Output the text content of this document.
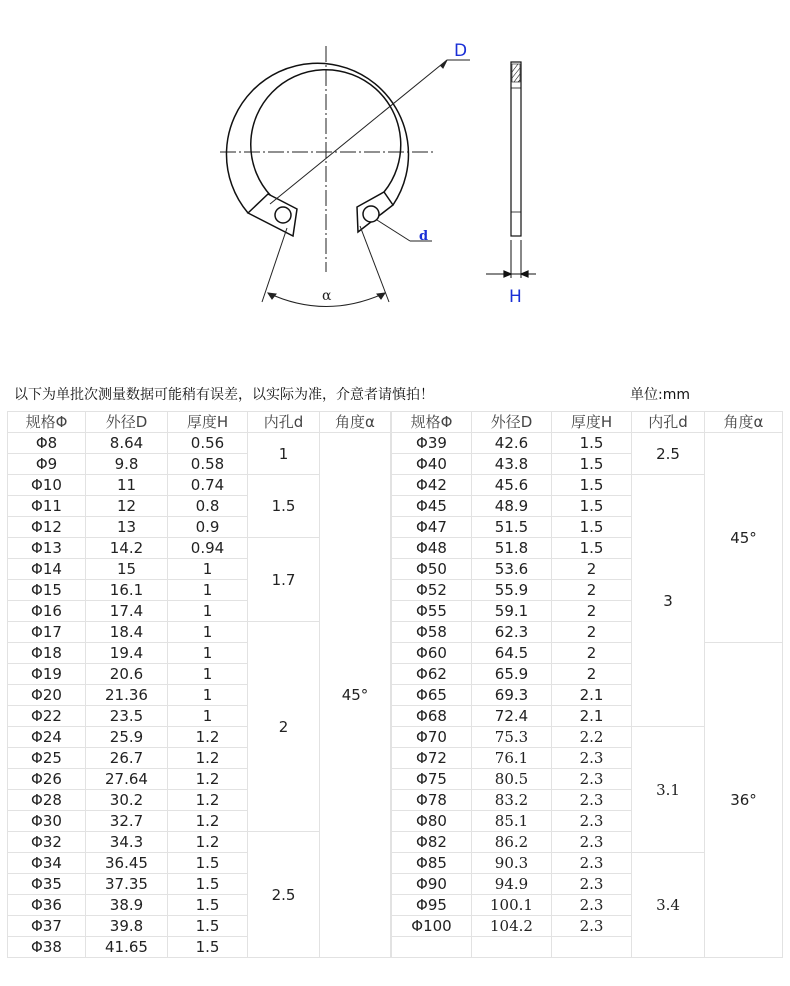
D
d
α	H
以下为单批次测量数据可能稍有误差，以实际为准，介意者请慎拍！	单位:mm
规格Φ	外径D	厚度H	内孔d	角度α
Φ8	8.64	0.56	1	45°
Φ9	9.8	0.58		
Φ10	11	0.74	1.5	
Φ11	12	0.8		
Φ12	13	0.9		
Φ13	14.2	0.94	1.7	
Φ14	15	1		
Φ15	16.1	1		
Φ16	17.4	1		
Φ17	18.4	1	2	
Φ18	19.4	1		
Φ19	20.6	1		
Φ20	21.36	1		
Φ22	23.5	1		
Φ24	25.9	1.2		
Φ25	26.7	1.2		
Φ26	27.64	1.2		
Φ28	30.2	1.2		
Φ30	32.7	1.2		
Φ32	34.3	1.2	2.5	
Φ34	36.45	1.5		
Φ35	37.35	1.5		
Φ36	38.9	1.5		
Φ37	39.8	1.5		
Φ38	41.65	1.5		
规格Φ	外径D	厚度H	内孔d	角度α
Φ39	42.6	1.5	2.5	45°
Φ40	43.8	1.5		
Φ42	45.6	1.5	3	
Φ45	48.9	1.5		
Φ47	51.5	1.5		
Φ48	51.8	1.5		
Φ50	53.6	2		
Φ52	55.9	2		
Φ55	59.1	2		
Φ58	62.3	2		
Φ60	64.5	2		36°
Φ62	65.9	2		
Φ65	69.3	2.1		
Φ68	72.4	2.1		
Φ70	75.3	2.2	3.1	
Φ72	76.1	2.3		
Φ75	80.5	2.3		
Φ78	83.2	2.3		
Φ80	85.1	2.3		
Φ82	86.2	2.3		
Φ85	90.3	2.3	3.4	
Φ90	94.9	2.3		
Φ95	100.1	2.3		
Φ100	104.2	2.3		
